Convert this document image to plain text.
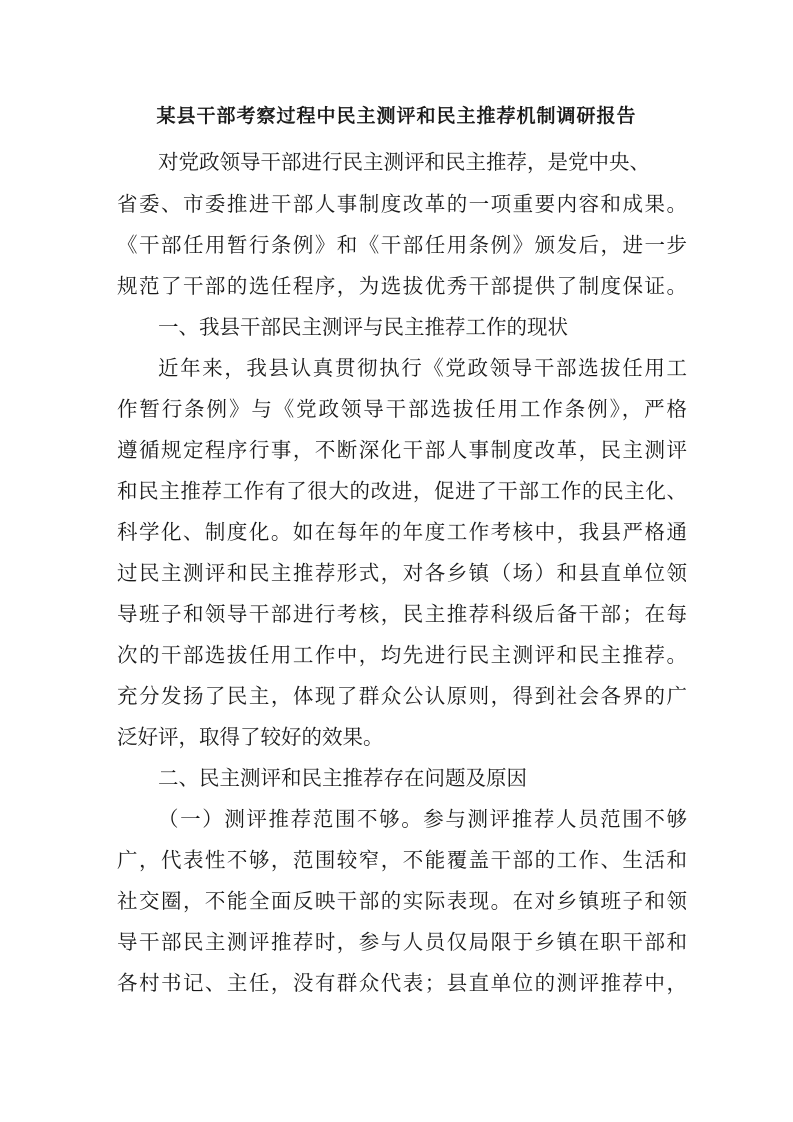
某县干部考察过程中民主测评和民主推荐机制调研报告
对党政领导干部进行民主测评和民主推荐，是党中央、
省委、市委推进干部人事制度改革的一项重要内容和成果。
《干部任用暂行条例》和《干部任用条例》颁发后，进一步
规范了干部的选任程序，为选拔优秀干部提供了制度保证。
一、我县干部民主测评与民主推荐工作的现状
近年来，我县认真贯彻执行《党政领导干部选拔任用工
作暂行条例》与《党政领导干部选拔任用工作条例》，严格
遵循规定程序行事，不断深化干部人事制度改革，民主测评
和民主推荐工作有了很大的改进，促进了干部工作的民主化、
科学化、制度化。如在每年的年度工作考核中，我县严格通
过民主测评和民主推荐形式，对各乡镇（场）和县直单位领
导班子和领导干部进行考核，民主推荐科级后备干部；在每
次的干部选拔任用工作中，均先进行民主测评和民主推荐。
充分发扬了民主，体现了群众公认原则，得到社会各界的广
泛好评，取得了较好的效果。
二、民主测评和民主推荐存在问题及原因
（一）测评推荐范围不够。参与测评推荐人员范围不够
广，代表性不够，范围较窄，不能覆盖干部的工作、生活和
社交圈，不能全面反映干部的实际表现。在对乡镇班子和领
导干部民主测评推荐时，参与人员仅局限于乡镇在职干部和
各村书记、主任，没有群众代表；县直单位的测评推荐中，
